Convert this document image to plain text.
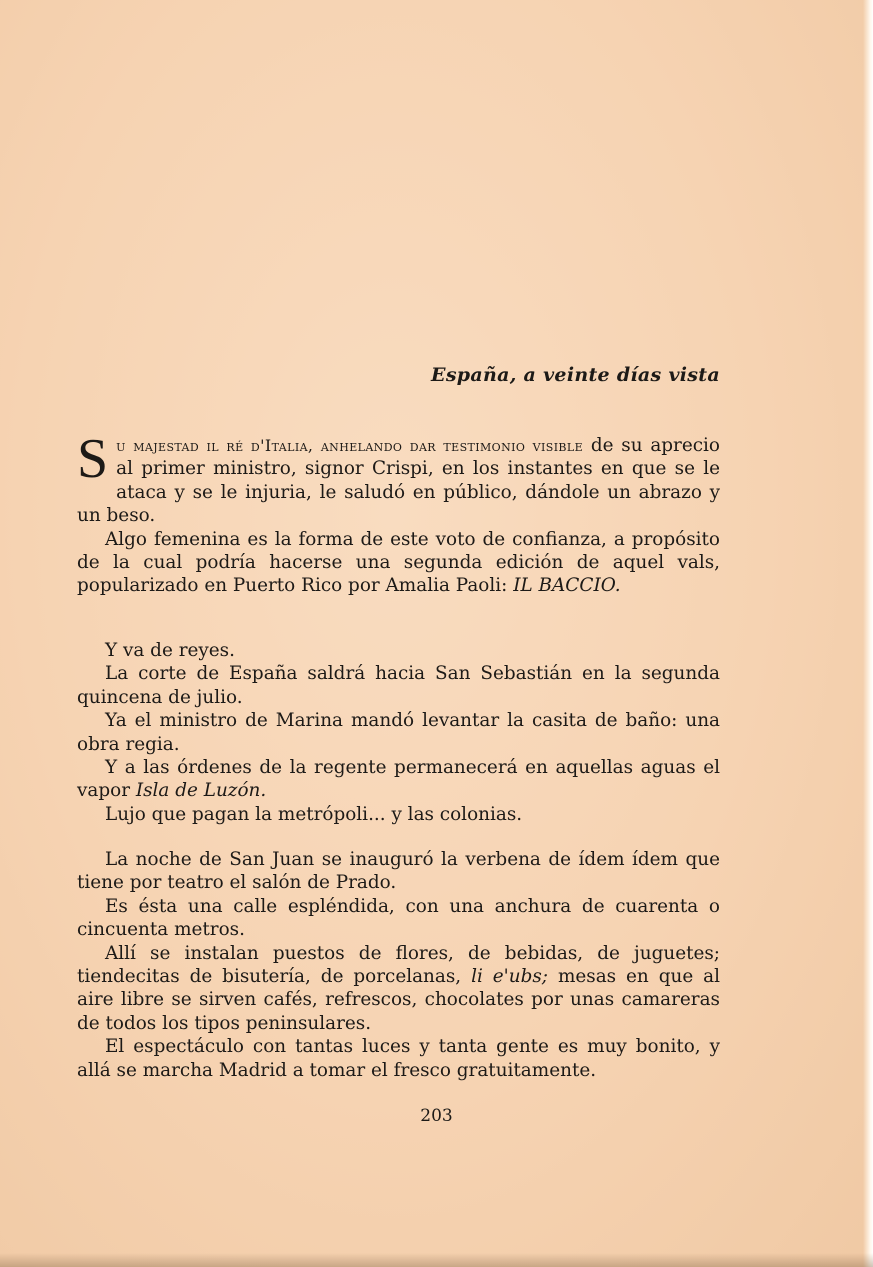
España, a veinte días vista

Su majestad il ré d'Italia, anhelando dar testimonio visible de su aprecio al primer ministro, signor Crispi, en los instantes en que se le ataca y se le injuria, le saludó en público, dándole un abrazo y un beso.

Algo femenina es la forma de este voto de confianza, a propósito de la cual podría hacerse una segunda edición de aquel vals, popularizado en Puerto Rico por Amalia Paoli: IL BACCIO.

Y va de reyes.

La corte de España saldrá hacia San Sebastián en la segunda quincena de julio.

Ya el ministro de Marina mandó levantar la casita de baño: una obra regia.

Y a las órdenes de la regente permanecerá en aquellas aguas el vapor Isla de Luzón.

Lujo que pagan la metrópoli... y las colonias.

La noche de San Juan se inauguró la verbena de ídem ídem que tiene por teatro el salón de Prado.

Es ésta una calle espléndida, con una anchura de cuarenta o cincuenta metros.

Allí se instalan puestos de flores, de bebidas, de juguetes; tiendecitas de bisutería, de porcelanas, li e'ubs; mesas en que al aire libre se sirven cafés, refrescos, chocolates por unas camareras de todos los tipos peninsulares.

El espectáculo con tantas luces y tanta gente es muy bonito, y allá se marcha Madrid a tomar el fresco gratuitamente.

203
